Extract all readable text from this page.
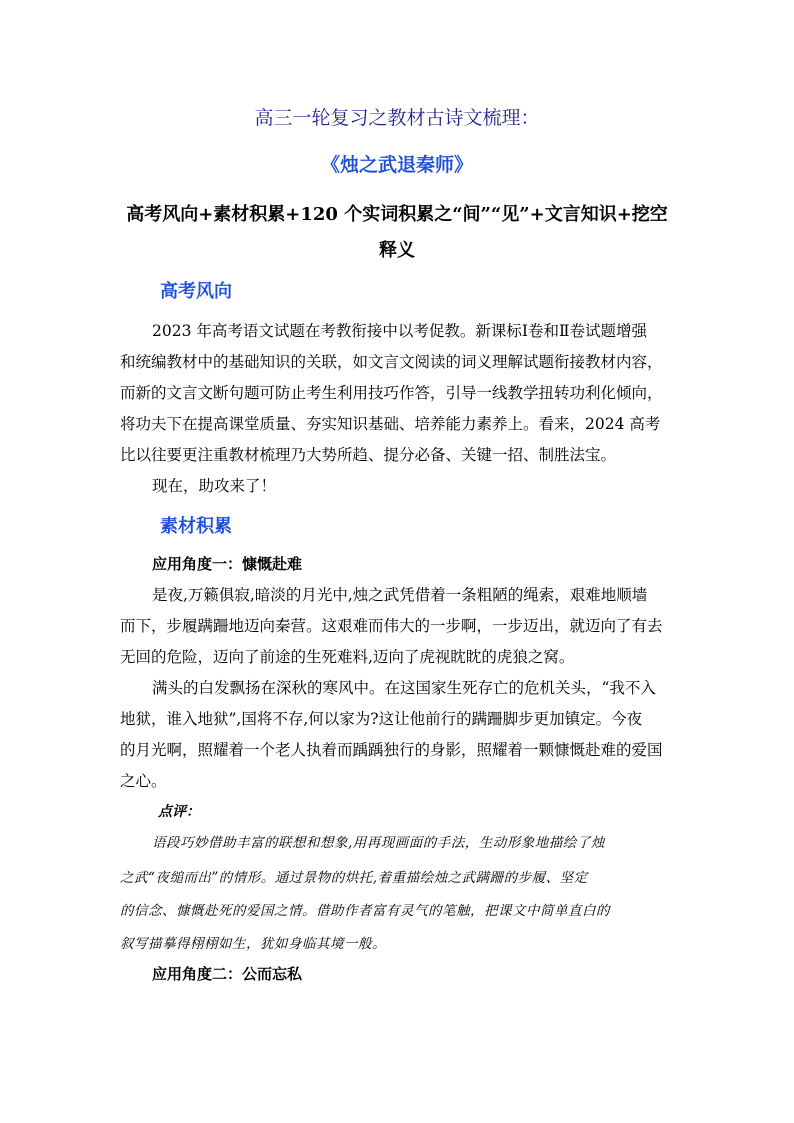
高三一轮复习之教材古诗文梳理：
《烛之武退秦师》
高考风向+素材积累+120 个实词积累之“间”“见”+文言知识+挖空
释义
高考风向
2023 年高考语文试题在考教衔接中以考促教。新课标Ⅰ卷和Ⅱ卷试题增强
和统编教材中的基础知识的关联，如文言文阅读的词义理解试题衔接教材内容，
而新的文言文断句题可防止考生利用技巧作答，引导一线教学扭转功利化倾向，
将功夫下在提高课堂质量、夯实知识基础、培养能力素养上。看来，2024 高考
比以往要更注重教材梳理乃大势所趋、提分必备、关键一招、制胜法宝。
现在，助攻来了！
素材积累
应用角度一：慷慨赴难
是夜,万籁俱寂,暗淡的月光中,烛之武凭借着一条粗陋的绳索，艰难地顺墙
而下，步履蹒跚地迈向秦营。这艰难而伟大的一步啊，一步迈出，就迈向了有去
无回的危险，迈向了前途的生死难料,迈向了虎视眈眈的虎狼之窝。
满头的白发飘扬在深秋的寒风中。在这国家生死存亡的危机关头，“我不入
地狱，谁入地狱”,国将不存,何以家为?这让他前行的蹒跚脚步更加镇定。今夜
的月光啊，照耀着一个老人执着而踽踽独行的身影，照耀着一颗慷慨赴难的爱国
之心。
点评：
语段巧妙借助丰富的联想和想象,用再现画面的手法，生动形象地描绘了烛
之武“夜缒而出”的情形。通过景物的烘托,着重描绘烛之武蹒跚的步履、坚定
的信念、慷慨赴死的爱国之情。借助作者富有灵气的笔触，把课文中简单直白的
叙写描摹得栩栩如生，犹如身临其境一般。
应用角度二：公而忘私
